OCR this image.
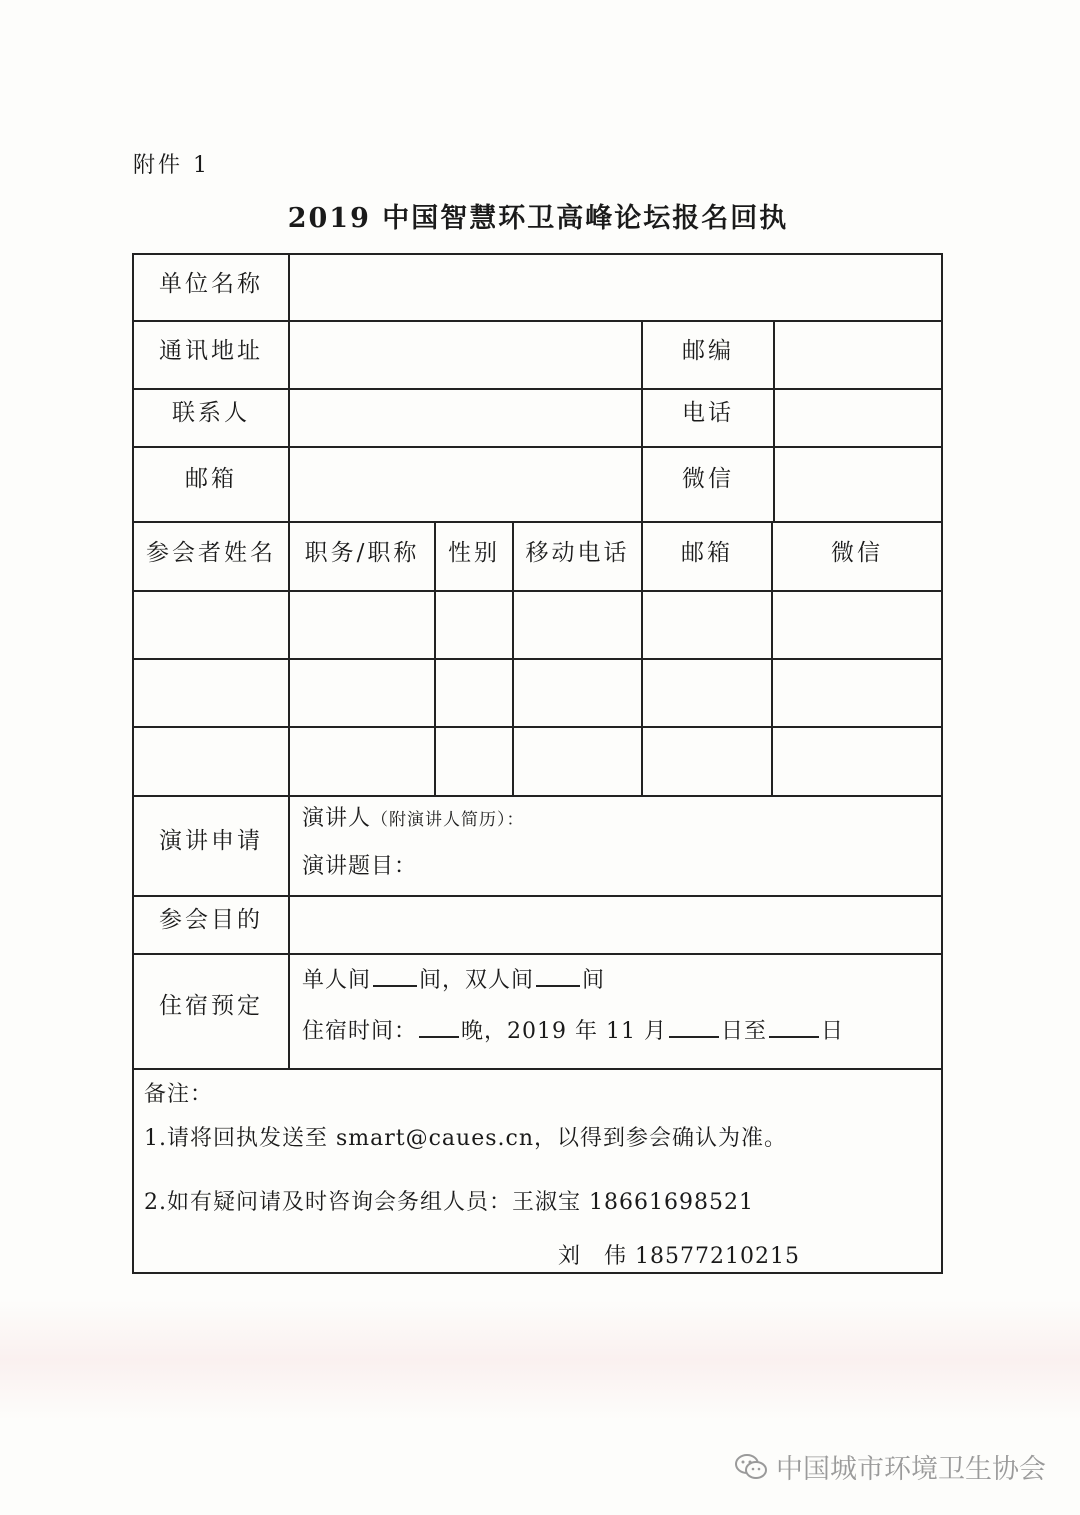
附件 1
2019 中国智慧环卫高峰论坛报名回执
单位名称
通讯地址	邮编
联系人	电话
邮箱	微信
参会者姓名	职务/职称	性别	移动电话	邮箱	微信
演讲申请
演讲人（附演讲人简历）：
演讲题目：
参会目的
住宿预定
单人间 间，双人间 间
住宿时间： 晚，2019 年 11 月 日至 日
备注：
1.请将回执发送至 smart@caues.cn，以得到参会确认为准。
2.如有疑问请及时咨询会务组人员：王淑宝 18661698521
刘　伟 18577210215
中国城市环境卫生协会
